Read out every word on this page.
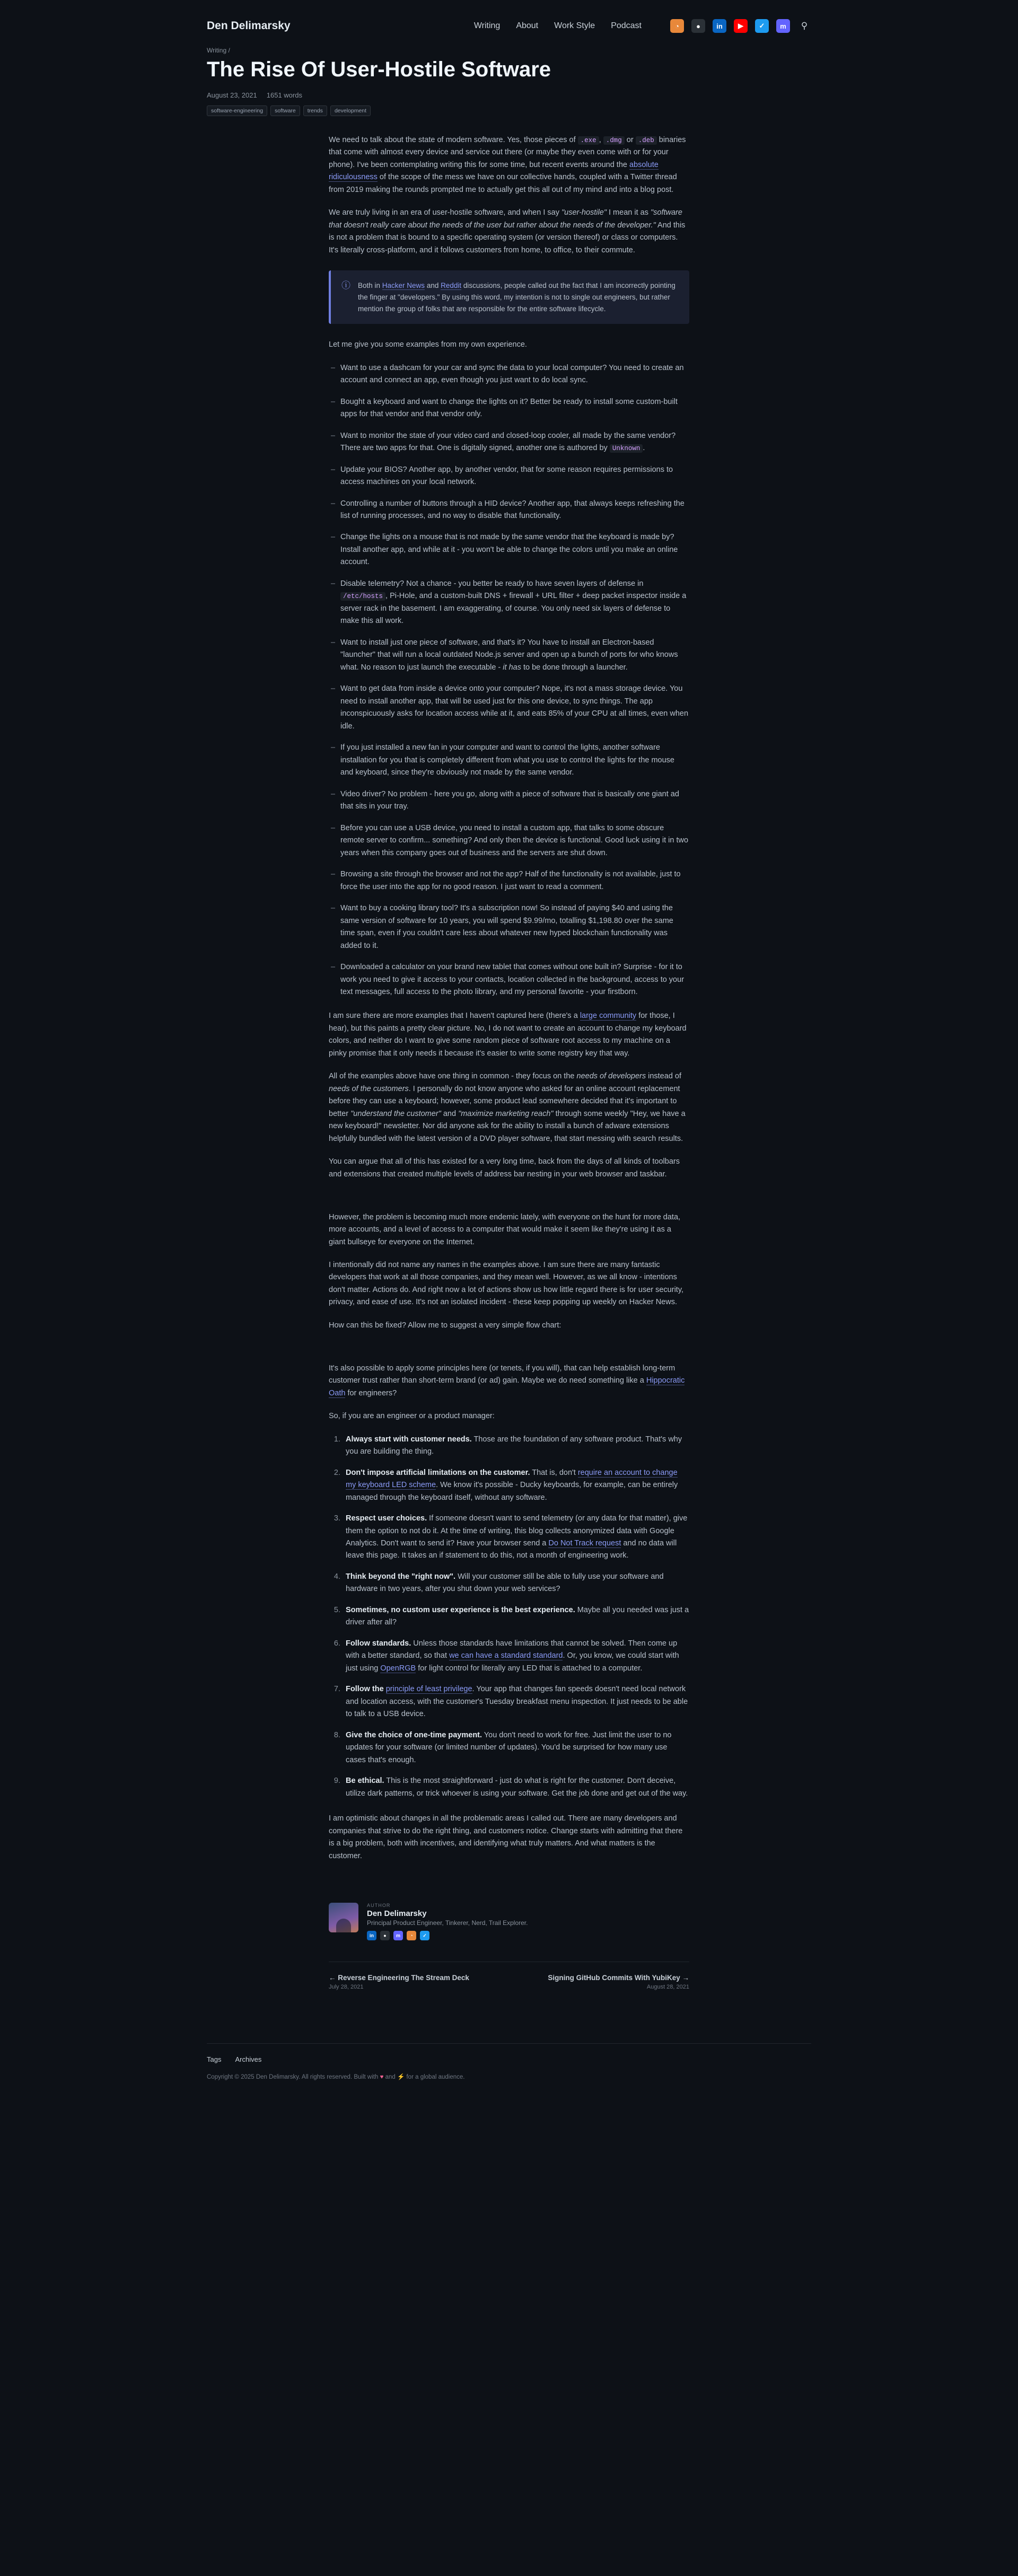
Den Delimarsky	Writing About Work Style Podcast	◔	●	in	▶	✓	m	⚲
Writing /
The Rise Of User-Hostile Software
August 23, 2021 1651 words
software-engineering	software	trends	development

We need to talk about the state of modern software. Yes, those pieces of .exe , .dmg or .deb binaries that come with almost every device and service out there (or maybe they even come with or for your phone). I've been contemplating writing this for some time, but recent events around the absolute ridiculousness of the scope of the mess we have on our collective hands, coupled with a Twitter thread from 2019 making the rounds prompted me to actually get this all out of my mind and into a blog post.

We are truly living in an era of user-hostile software, and when I say "user-hostile" I mean it as "software that doesn't really care about the needs of the user but rather about the needs of the developer." And this is not a problem that is bound to a specific operating system (or version thereof) or class or computers. It's literally cross-platform, and it follows customers from home, to office, to their commute.

ⓘ Both in Hacker News and Reddit discussions, people called out the fact that I am incorrectly pointing the finger at "developers." By using this word, my intention is not to single out engineers, but rather mention the group of folks that are responsible for the entire software lifecycle.

Let me give you some examples from my own experience.

– Want to use a dashcam for your car and sync the data to your local computer? You need to create an account and connect an app, even though you just want to do local sync.
– Bought a keyboard and want to change the lights on it? Better be ready to install some custom-built apps for that vendor and that vendor only.
– Want to monitor the state of your video card and closed-loop cooler, all made by the same vendor? There are two apps for that. One is digitally signed, another one is authored by Unknown .
– Update your BIOS? Another app, by another vendor, that for some reason requires permissions to access machines on your local network.
– Controlling a number of buttons through a HID device? Another app, that always keeps refreshing the list of running processes, and no way to disable that functionality.
– Change the lights on a mouse that is not made by the same vendor that the keyboard is made by? Install another app, and while at it - you won't be able to change the colors until you make an online account.
– Disable telemetry? Not a chance - you better be ready to have seven layers of defense in /etc/hosts , Pi-Hole, and a custom-built DNS + firewall + URL filter + deep packet inspector inside a server rack in the basement. I am exaggerating, of course. You only need six layers of defense to make this all work.
– Want to install just one piece of software, and that's it? You have to install an Electron-based "launcher" that will run a local outdated Node.js server and open up a bunch of ports for who knows what. No reason to just launch the executable - it has to be done through a launcher.
– Want to get data from inside a device onto your computer? Nope, it's not a mass storage device. You need to install another app, that will be used just for this one device, to sync things. The app inconspicuously asks for location access while at it, and eats 85% of your CPU at all times, even when idle.
– If you just installed a new fan in your computer and want to control the lights, another software installation for you that is completely different from what you use to control the lights for the mouse and keyboard, since they're obviously not made by the same vendor.
– Video driver? No problem - here you go, along with a piece of software that is basically one giant ad that sits in your tray.
– Before you can use a USB device, you need to install a custom app, that talks to some obscure remote server to confirm... something? And only then the device is functional. Good luck using it in two years when this company goes out of business and the servers are shut down.
– Browsing a site through the browser and not the app? Half of the functionality is not available, just to force the user into the app for no good reason. I just want to read a comment.
– Want to buy a cooking library tool? It's a subscription now! So instead of paying $40 and using the same version of software for 10 years, you will spend $9.99/mo, totalling $1,198.80 over the same time span, even if you couldn't care less about whatever new hyped blockchain functionality was added to it.
– Downloaded a calculator on your brand new tablet that comes without one built in? Surprise - for it to work you need to give it access to your contacts, location collected in the background, access to your text messages, full access to the photo library, and my personal favorite - your firstborn.

I am sure there are more examples that I haven't captured here (there's a large community for those, I hear), but this paints a pretty clear picture. No, I do not want to create an account to change my keyboard colors, and neither do I want to give some random piece of software root access to my machine on a pinky promise that it only needs it because it's easier to write some registry key that way.

All of the examples above have one thing in common - they focus on the needs of developers instead of needs of the customers. I personally do not know anyone who asked for an online account replacement before they can use a keyboard; however, some product lead somewhere decided that it's important to better "understand the customer" and "maximize marketing reach" through some weekly "Hey, we have a new keyboard!" newsletter. Nor did anyone ask for the ability to install a bunch of adware extensions helpfully bundled with the latest version of a DVD player software, that start messing with search results.

You can argue that all of this has existed for a very long time, back from the days of all kinds of toolbars and extensions that created multiple levels of address bar nesting in your web browser and taskbar.

However, the problem is becoming much more endemic lately, with everyone on the hunt for more data, more accounts, and a level of access to a computer that would make it seem like they're using it as a giant bullseye for everyone on the Internet.

I intentionally did not name any names in the examples above. I am sure there are many fantastic developers that work at all those companies, and they mean well. However, as we all know - intentions don't matter. Actions do. And right now a lot of actions show us how little regard there is for user security, privacy, and ease of use. It's not an isolated incident - these keep popping up weekly on Hacker News.

How can this be fixed? Allow me to suggest a very simple flow chart:

It's also possible to apply some principles here (or tenets, if you will), that can help establish long-term customer trust rather than short-term brand (or ad) gain. Maybe we do need something like a Hippocratic Oath for engineers?

So, if you are an engineer or a product manager:

1. Always start with customer needs. Those are the foundation of any software product. That's why you are building the thing.
2. Don't impose artificial limitations on the customer. That is, don't require an account to change my keyboard LED scheme. We know it's possible - Ducky keyboards, for example, can be entirely managed through the keyboard itself, without any software.
3. Respect user choices. If someone doesn't want to send telemetry (or any data for that matter), give them the option to not do it. At the time of writing, this blog collects anonymized data with Google Analytics. Don't want to send it? Have your browser send a Do Not Track request and no data will leave this page. It takes an if statement to do this, not a month of engineering work.
4. Think beyond the "right now". Will your customer still be able to fully use your software and hardware in two years, after you shut down your web services?
5. Sometimes, no custom user experience is the best experience. Maybe all you needed was just a driver after all?
6. Follow standards. Unless those standards have limitations that cannot be solved. Then come up with a better standard, so that we can have a standard standard. Or, you know, we could start with just using OpenRGB for light control for literally any LED that is attached to a computer.
7. Follow the principle of least privilege. Your app that changes fan speeds doesn't need local network and location access, with the customer's Tuesday breakfast menu inspection. It just needs to be able to talk to a USB device.
8. Give the choice of one-time payment. You don't need to work for free. Just limit the user to no updates for your software (or limited number of updates). You'd be surprised for how many use cases that's enough.
9. Be ethical. This is the most straightforward - just do what is right for the customer. Don't deceive, utilize dark patterns, or trick whoever is using your software. Get the job done and get out of the way.

I am optimistic about changes in all the problematic areas I called out. There are many developers and companies that strive to do the right thing, and customers notice. Change starts with admitting that there is a big problem, both with incentives, and identifying what truly matters. And what matters is the customer.

AUTHOR
Den Delimarsky
Principal Product Engineer, Tinkerer, Nerd, Trail Explorer.
in	●	m	◔	✓
← Reverse Engineering The Stream Deck
July 28, 2021
Signing GitHub Commits With YubiKey →
August 28, 2021
Tags Archives
Copyright © 2025 Den Delimarsky. All rights reserved. Built with ♥ and ⚡ for a global audience.
